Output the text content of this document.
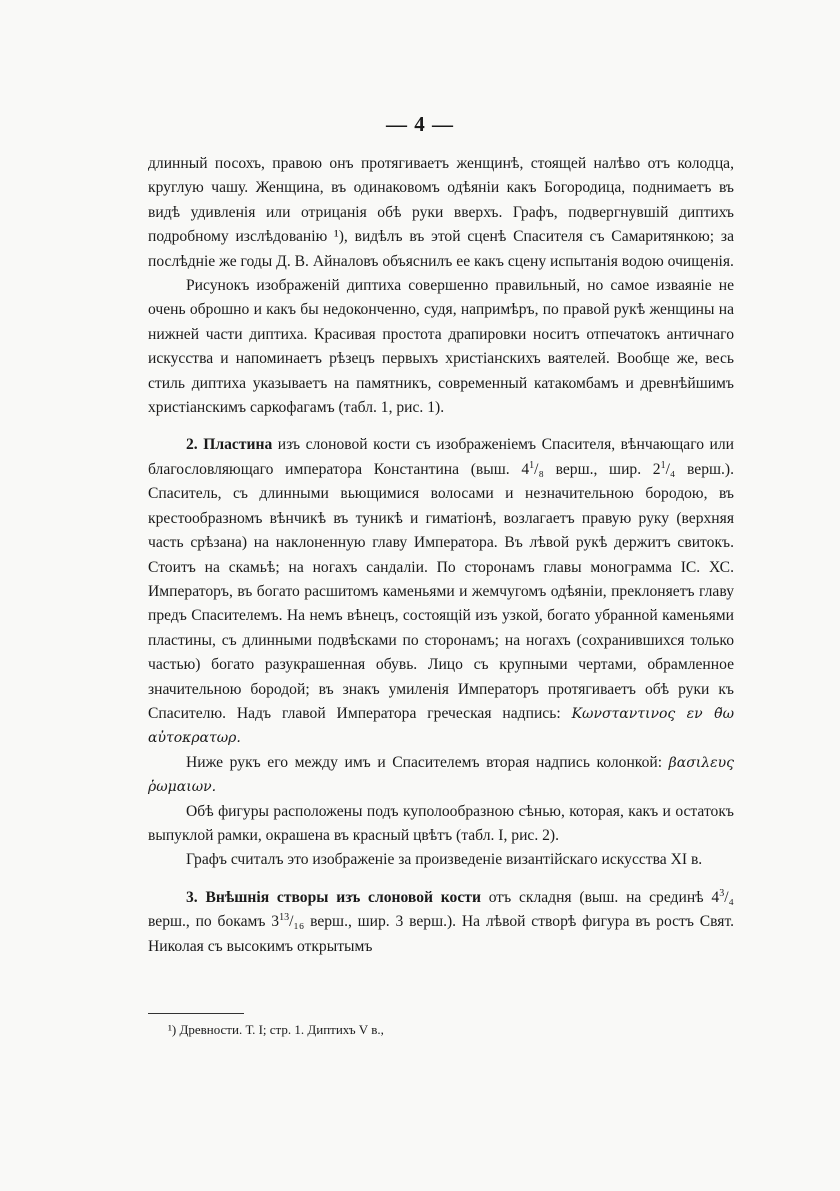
— 4 —

длинный посохъ, правою онъ протягиваетъ женщинѣ, стоящей налѣво отъ колодца, круглую чашу. Женщина, въ одинаковомъ одѣяніи какъ Богородица, поднимаетъ въ видѣ удивленія или отрицанія обѣ руки вверхъ. Графъ, подвергнувшій диптихъ подробному изслѣдованію ¹), видѣлъ въ этой сценѣ Спасителя съ Самаритянкою; за послѣдніе же годы Д. В. Айналовъ объяснилъ ее какъ сцену испытанія водою очищенія.

Рисунокъ изображеній диптиха совершенно правильный, но самое изваяніе не очень оброшно и какъ бы недоконченно, судя, напримѣръ, по правой рукѣ женщины на нижней части диптиха. Красивая простота драпировки носитъ отпечатокъ античнаго искусства и напоминаетъ рѣзецъ первыхъ христіанскихъ ваятелей. Вообще же, весь стиль диптиха указываетъ на памятникъ, современный катакомбамъ и древнѣйшимъ христіанскимъ саркофагамъ (табл. 1, рис. 1).

2. Пластина изъ слоновой кости съ изображеніемъ Спасителя, вѣнчающаго или благословляющаго императора Константина (выш. $4^1/_8$ верш., шир. $2^1/_4$ верш.). Спаситель, съ длинными вьющимися волосами и незначительною бородою, въ крестообразномъ вѣнчикѣ въ туникѣ и гиматіонѣ, возлагаетъ правую руку (верхняя часть срѣзана) на наклоненную главу Императора. Въ лѣвой рукѣ держитъ свитокъ. Стоитъ на скамьѣ; на ногахъ сандаліи. По сторонамъ главы монограмма ІС. ХС. Императоръ, въ богато расшитомъ каменьями и жемчугомъ одѣяніи, преклоняетъ главу предъ Спасителемъ. На немъ вѣнецъ, состоящій изъ узкой, богато убранной каменьями пластины, съ длинными подвѣсками по сторонамъ; на ногахъ (сохранившихся только частью) богато разукрашенная обувь. Лицо съ крупными чертами, обрамленное значительною бородой; въ знакъ умиленія Императоръ протягиваетъ обѣ руки къ Спасителю. Надъ главой Императора греческая надпись: Κωνσταντινος εν θ̃ω αὐτοκρατωρ.

Ниже рукъ его между имъ и Спасителемъ вторая надпись колонкой: βασιλευς ῥωμαιων.

Обѣ фигуры расположены подъ куполообразною сѣнью, которая, какъ и остатокъ выпуклой рамки, окрашена въ красный цвѣтъ (табл. I, рис. 2).

Графъ считалъ это изображеніе за произведеніе византійскаго искусства XI в.

3. Внѣшнія створы изъ слоновой кости отъ складня (выш. на срединѣ $4^3/_4$ верш., по бокамъ $3^{13}/_{16}$ верш., шир. 3 верш.). На лѣвой створѣ фигура въ ростъ Свят. Николая съ высокимъ открытымъ

¹) Древности. Т. I; стр. 1. Диптихъ V в.,
